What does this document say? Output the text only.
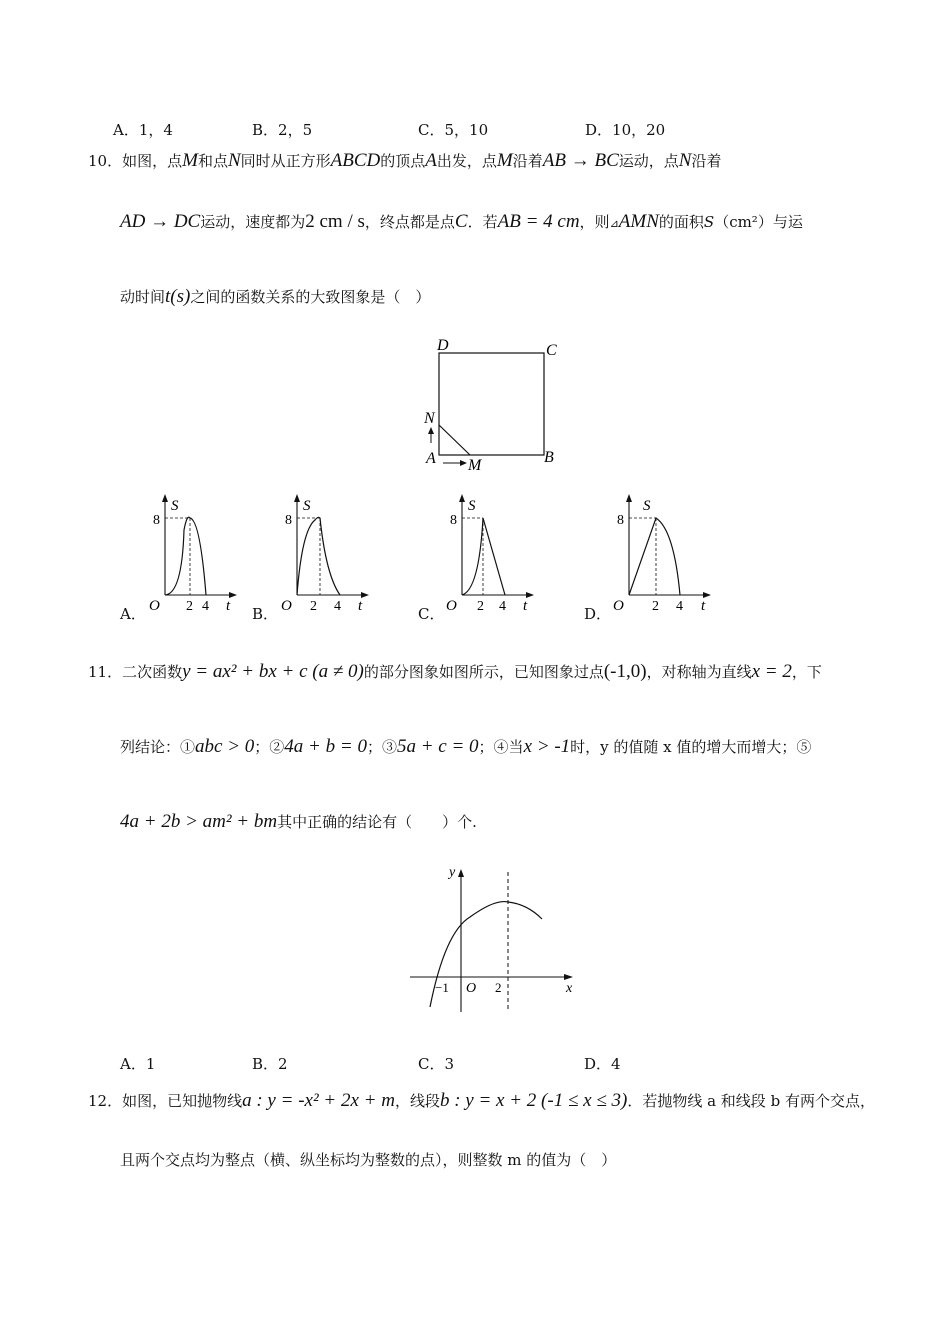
A．1，4	B．2，5	C．5，10	D．10，20
10．如图，点M和点N同时从正方形ABCD的顶点A出发，点M沿着AB → BC运动，点N沿着
AD → DC运动，速度都为2 cm / s，终点都是点C．若AB = 4 cm，则⊿AMN的面积S（cm²）与运
动时间t(s)之间的函数关系的大致图象是（　）
D	C
B
A
N
M
S
8
O 2 4 t
S
8
O 2 4 t
S
8
O 2 4 t
S
8
O 2 4 t
A．	B．	C．	D．
11．二次函数y = ax² + bx + c (a ≠ 0)的部分图象如图所示，已知图象过点(-1,0)，对称轴为直线x = 2，下
列结论：①abc > 0；②4a + b = 0；③5a + c = 0；④当x > -1时，y 的值随 x 值的增大而增大；⑤
4a + 2b > am² + bm其中正确的结论有（　　）个.
y
x
O
−1	2
A．1	B．2	C．3	D．4
12．如图，已知抛物线a : y = -x² + 2x + m，线段b : y = x + 2 (-1 ≤ x ≤ 3)．若抛物线 a 和线段 b 有两个交点，
且两个交点均为整点（横、纵坐标均为整数的点），则整数 m 的值为（　）
